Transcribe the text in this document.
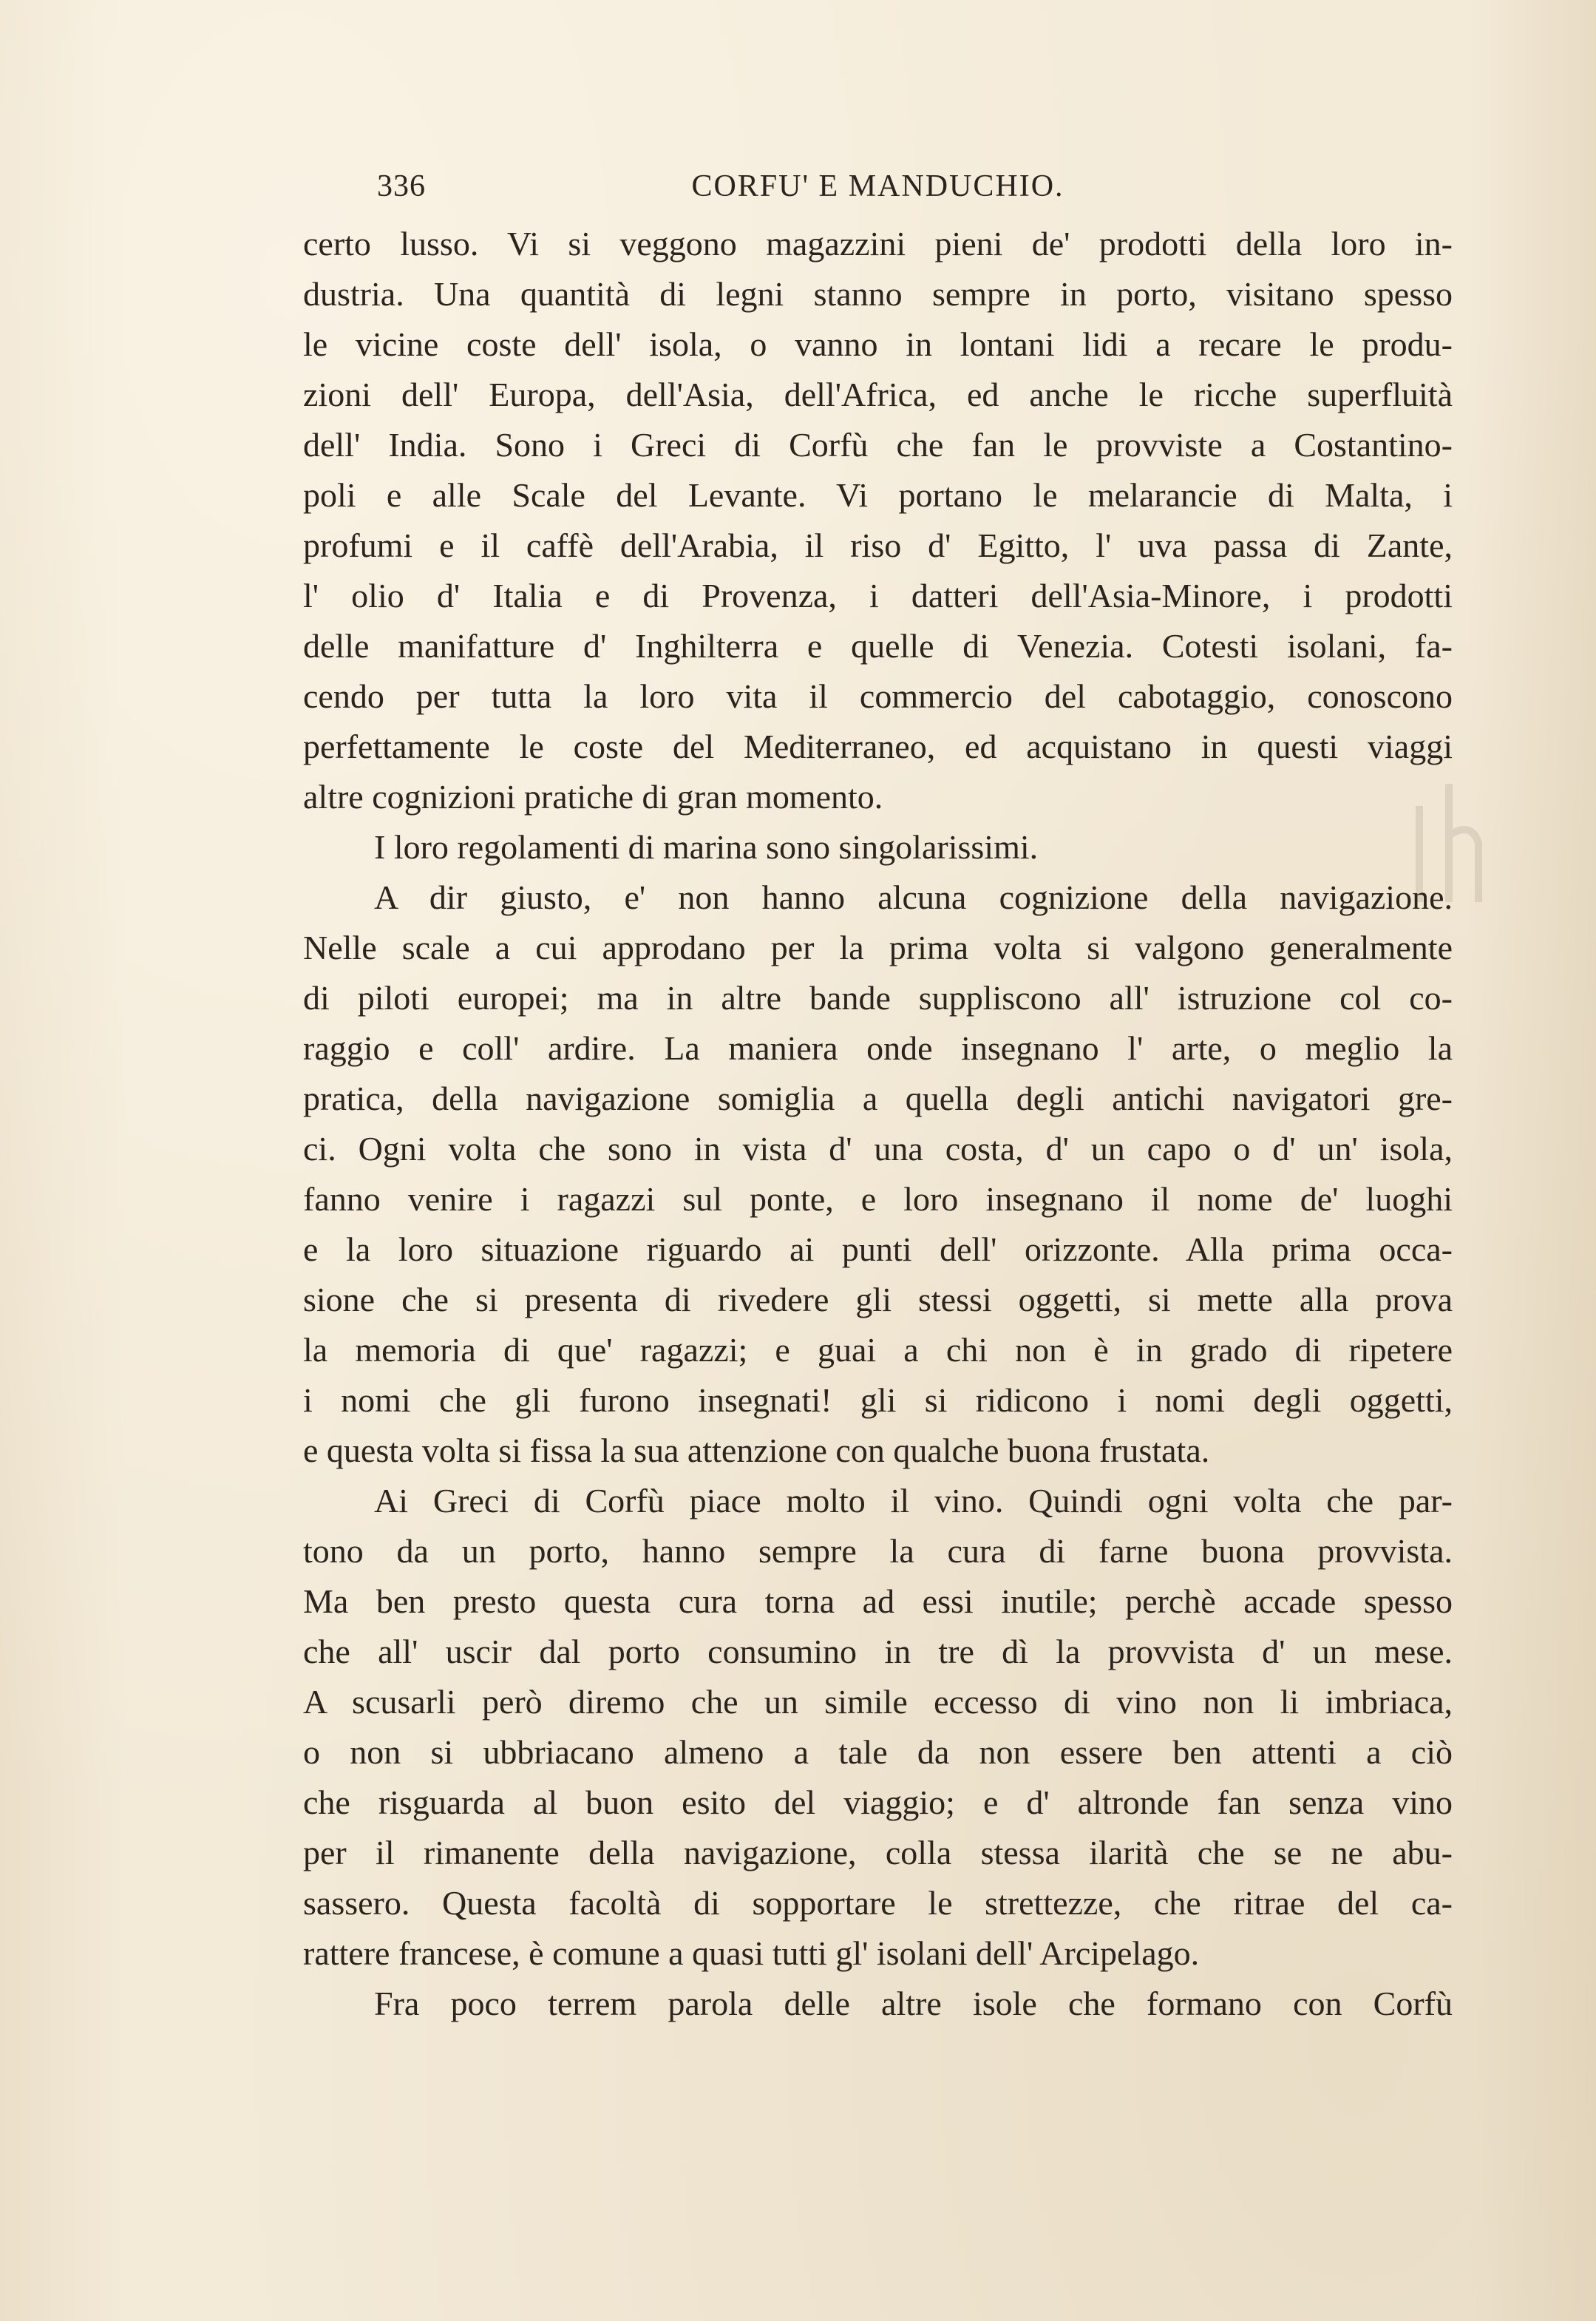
336	CORFU' E MANDUCHIO.
certo lusso. Vi si veggono magazzini pieni de' prodotti della loro in-
dustria. Una quantità di legni stanno sempre in porto, visitano spesso
le vicine coste dell' isola, o vanno in lontani lidi a recare le produ-
zioni dell' Europa, dell'Asia, dell'Africa, ed anche le ricche superfluità
dell' India. Sono i Greci di Corfù che fan le provviste a Costantino-
poli e alle Scale del Levante. Vi portano le melarancie di Malta, i
profumi e il caffè dell'Arabia, il riso d' Egitto, l' uva passa di Zante,
l' olio d' Italia e di Provenza, i datteri dell'Asia-Minore, i prodotti
delle manifatture d' Inghilterra e quelle di Venezia. Cotesti isolani, fa-
cendo per tutta la loro vita il commercio del cabotaggio, conoscono
perfettamente le coste del Mediterraneo, ed acquistano in questi viaggi
altre cognizioni pratiche di gran momento.
I loro regolamenti di marina sono singolarissimi.
A dir giusto, e' non hanno alcuna cognizione della navigazione.
Nelle scale a cui approdano per la prima volta si valgono generalmente
di piloti europei; ma in altre bande suppliscono all' istruzione col co-
raggio e coll' ardire. La maniera onde insegnano l' arte, o meglio la
pratica, della navigazione somiglia a quella degli antichi navigatori gre-
ci. Ogni volta che sono in vista d' una costa, d' un capo o d' un' isola,
fanno venire i ragazzi sul ponte, e loro insegnano il nome de' luoghi
e la loro situazione riguardo ai punti dell' orizzonte. Alla prima occa-
sione che si presenta di rivedere gli stessi oggetti, si mette alla prova
la memoria di que' ragazzi; e guai a chi non è in grado di ripetere
i nomi che gli furono insegnati! gli si ridicono i nomi degli oggetti,
e questa volta si fissa la sua attenzione con qualche buona frustata.
Ai Greci di Corfù piace molto il vino. Quindi ogni volta che par-
tono da un porto, hanno sempre la cura di farne buona provvista.
Ma ben presto questa cura torna ad essi inutile; perchè accade spesso
che all' uscir dal porto consumino in tre dì la provvista d' un mese.
A scusarli però diremo che un simile eccesso di vino non li imbriaca,
o non si ubbriacano almeno a tale da non essere ben attenti a ciò
che risguarda al buon esito del viaggio; e d' altronde fan senza vino
per il rimanente della navigazione, colla stessa ilarità che se ne abu-
sassero. Questa facoltà di sopportare le strettezze, che ritrae del ca-
rattere francese, è comune a quasi tutti gl' isolani dell' Arcipelago.
Fra poco terrem parola delle altre isole che formano con Corfù
